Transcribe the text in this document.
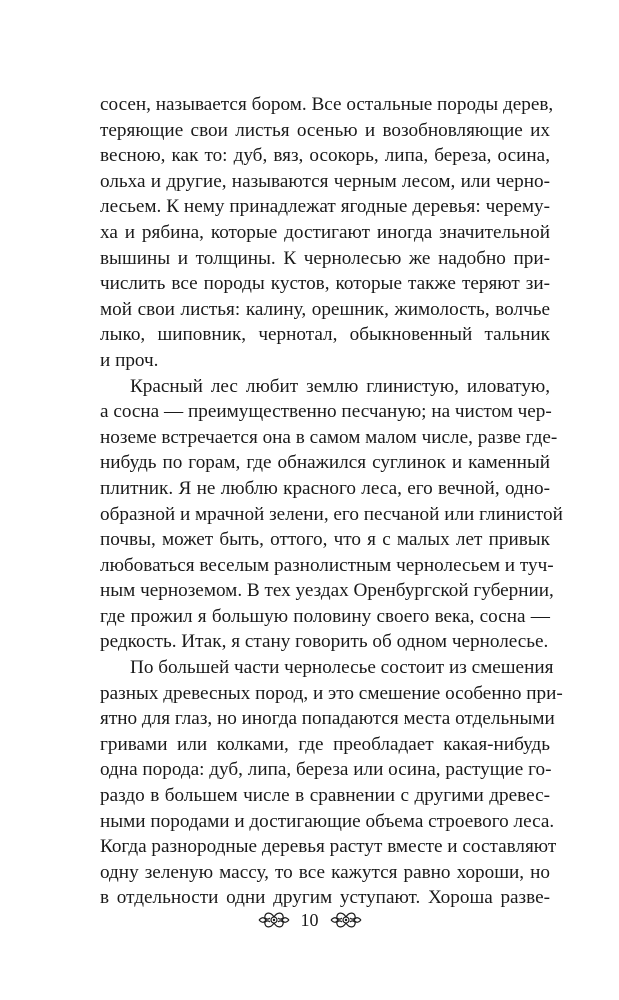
сосен, называется бором. Все остальные породы дерев,
теряющие свои листья осенью и возобновляющие их
весною, как то: дуб, вяз, осокорь, липа, береза, осина,
ольха и другие, называются черным лесом, или черно-
лесьем. К нему принадлежат ягодные деревья: черему-
ха и рябина, которые достигают иногда значительной
вышины и толщины. К чернолесью же надобно при-
числить все породы кустов, которые также теряют зи-
мой свои листья: калину, орешник, жимолость, волчье
лыко, шиповник, чернотал, обыкновенный тальник
и проч.

Красный лес любит землю глинистую, иловатую,
а сосна — преимущественно песчаную; на чистом чер-
ноземе встречается она в самом малом числе, разве где-
нибудь по горам, где обнажился суглинок и каменный
плитник. Я не люблю красного леса, его вечной, одно-
образной и мрачной зелени, его песчаной или глинистой
почвы, может быть, оттого, что я с малых лет привык
любоваться веселым разнолистным чернолесьем и туч-
ным черноземом. В тех уездах Оренбургской губернии,
где прожил я большую половину своего века, сосна —
редкость. Итак, я стану говорить об одном чернолесье.

По большей части чернолесье состоит из смешения
разных древесных пород, и это смешение особенно при-
ятно для глаз, но иногда попадаются места отдельными
гривами или колками, где преобладает какая-нибудь
одна порода: дуб, липа, береза или осина, растущие го-
раздо в большем числе в сравнении с другими древес-
ными породами и достигающие объема строевого леса.
Когда разнородные деревья растут вместе и составляют
одну зеленую массу, то все кажутся равно хороши, но
в отдельности одни другим уступают. Хороша разве-

10
